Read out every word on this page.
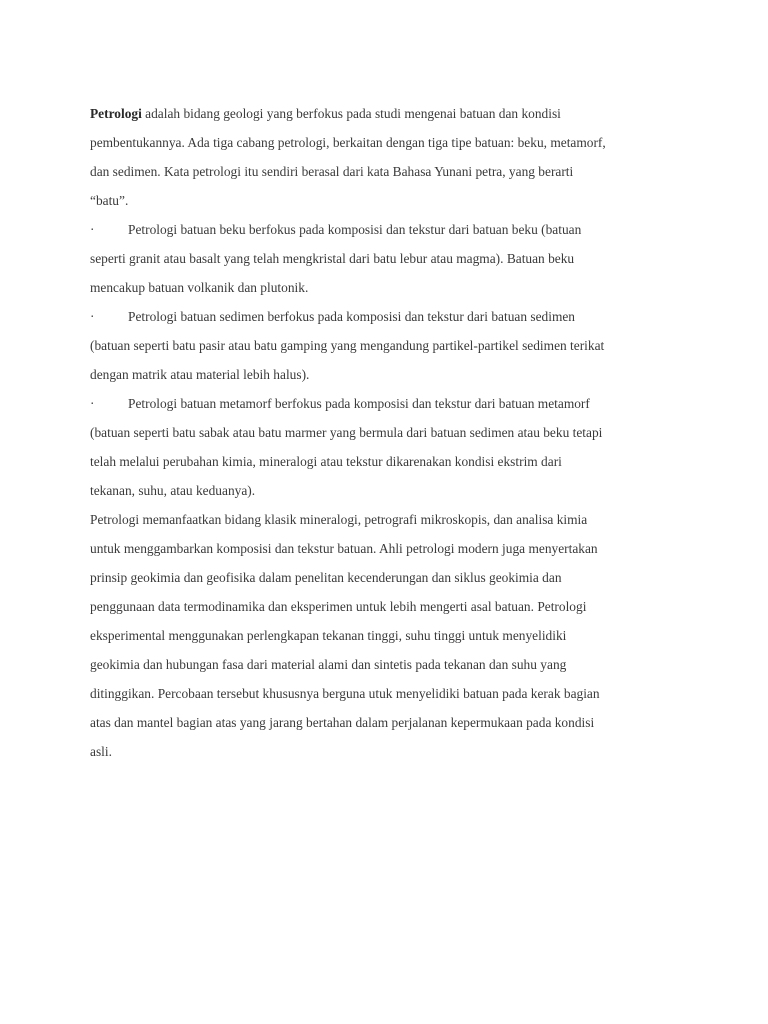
Petrologi adalah bidang geologi yang berfokus pada studi mengenai batuan dan kondisi pembentukannya. Ada tiga cabang petrologi, berkaitan dengan tiga tipe batuan: beku, metamorf, dan sedimen. Kata petrologi itu sendiri berasal dari kata Bahasa Yunani petra, yang berarti “batu”.

·	Petrologi batuan beku berfokus pada komposisi dan tekstur dari batuan beku (batuan seperti granit atau basalt yang telah mengkristal dari batu lebur atau magma). Batuan beku mencakup batuan volkanik dan plutonik.

·	Petrologi batuan sedimen berfokus pada komposisi dan tekstur dari batuan sedimen (batuan seperti batu pasir atau batu gamping yang mengandung partikel-partikel sedimen terikat dengan matrik atau material lebih halus).

·	Petrologi batuan metamorf berfokus pada komposisi dan tekstur dari batuan metamorf (batuan seperti batu sabak atau batu marmer yang bermula dari batuan sedimen atau beku tetapi telah melalui perubahan kimia, mineralogi atau tekstur dikarenakan kondisi ekstrim dari tekanan, suhu, atau keduanya).

Petrologi memanfaatkan bidang klasik mineralogi, petrografi mikroskopis, dan analisa kimia untuk menggambarkan komposisi dan tekstur batuan. Ahli petrologi modern juga menyertakan prinsip geokimia dan geofisika dalam penelitan kecenderungan dan siklus geokimia dan penggunaan data termodinamika dan eksperimen untuk lebih mengerti asal batuan. Petrologi eksperimental menggunakan perlengkapan tekanan tinggi, suhu tinggi untuk menyelidiki geokimia dan hubungan fasa dari material alami dan sintetis pada tekanan dan suhu yang ditinggikan. Percobaan tersebut khususnya berguna utuk menyelidiki batuan pada kerak bagian atas dan mantel bagian atas yang jarang bertahan dalam perjalanan kepermukaan pada kondisi asli.
